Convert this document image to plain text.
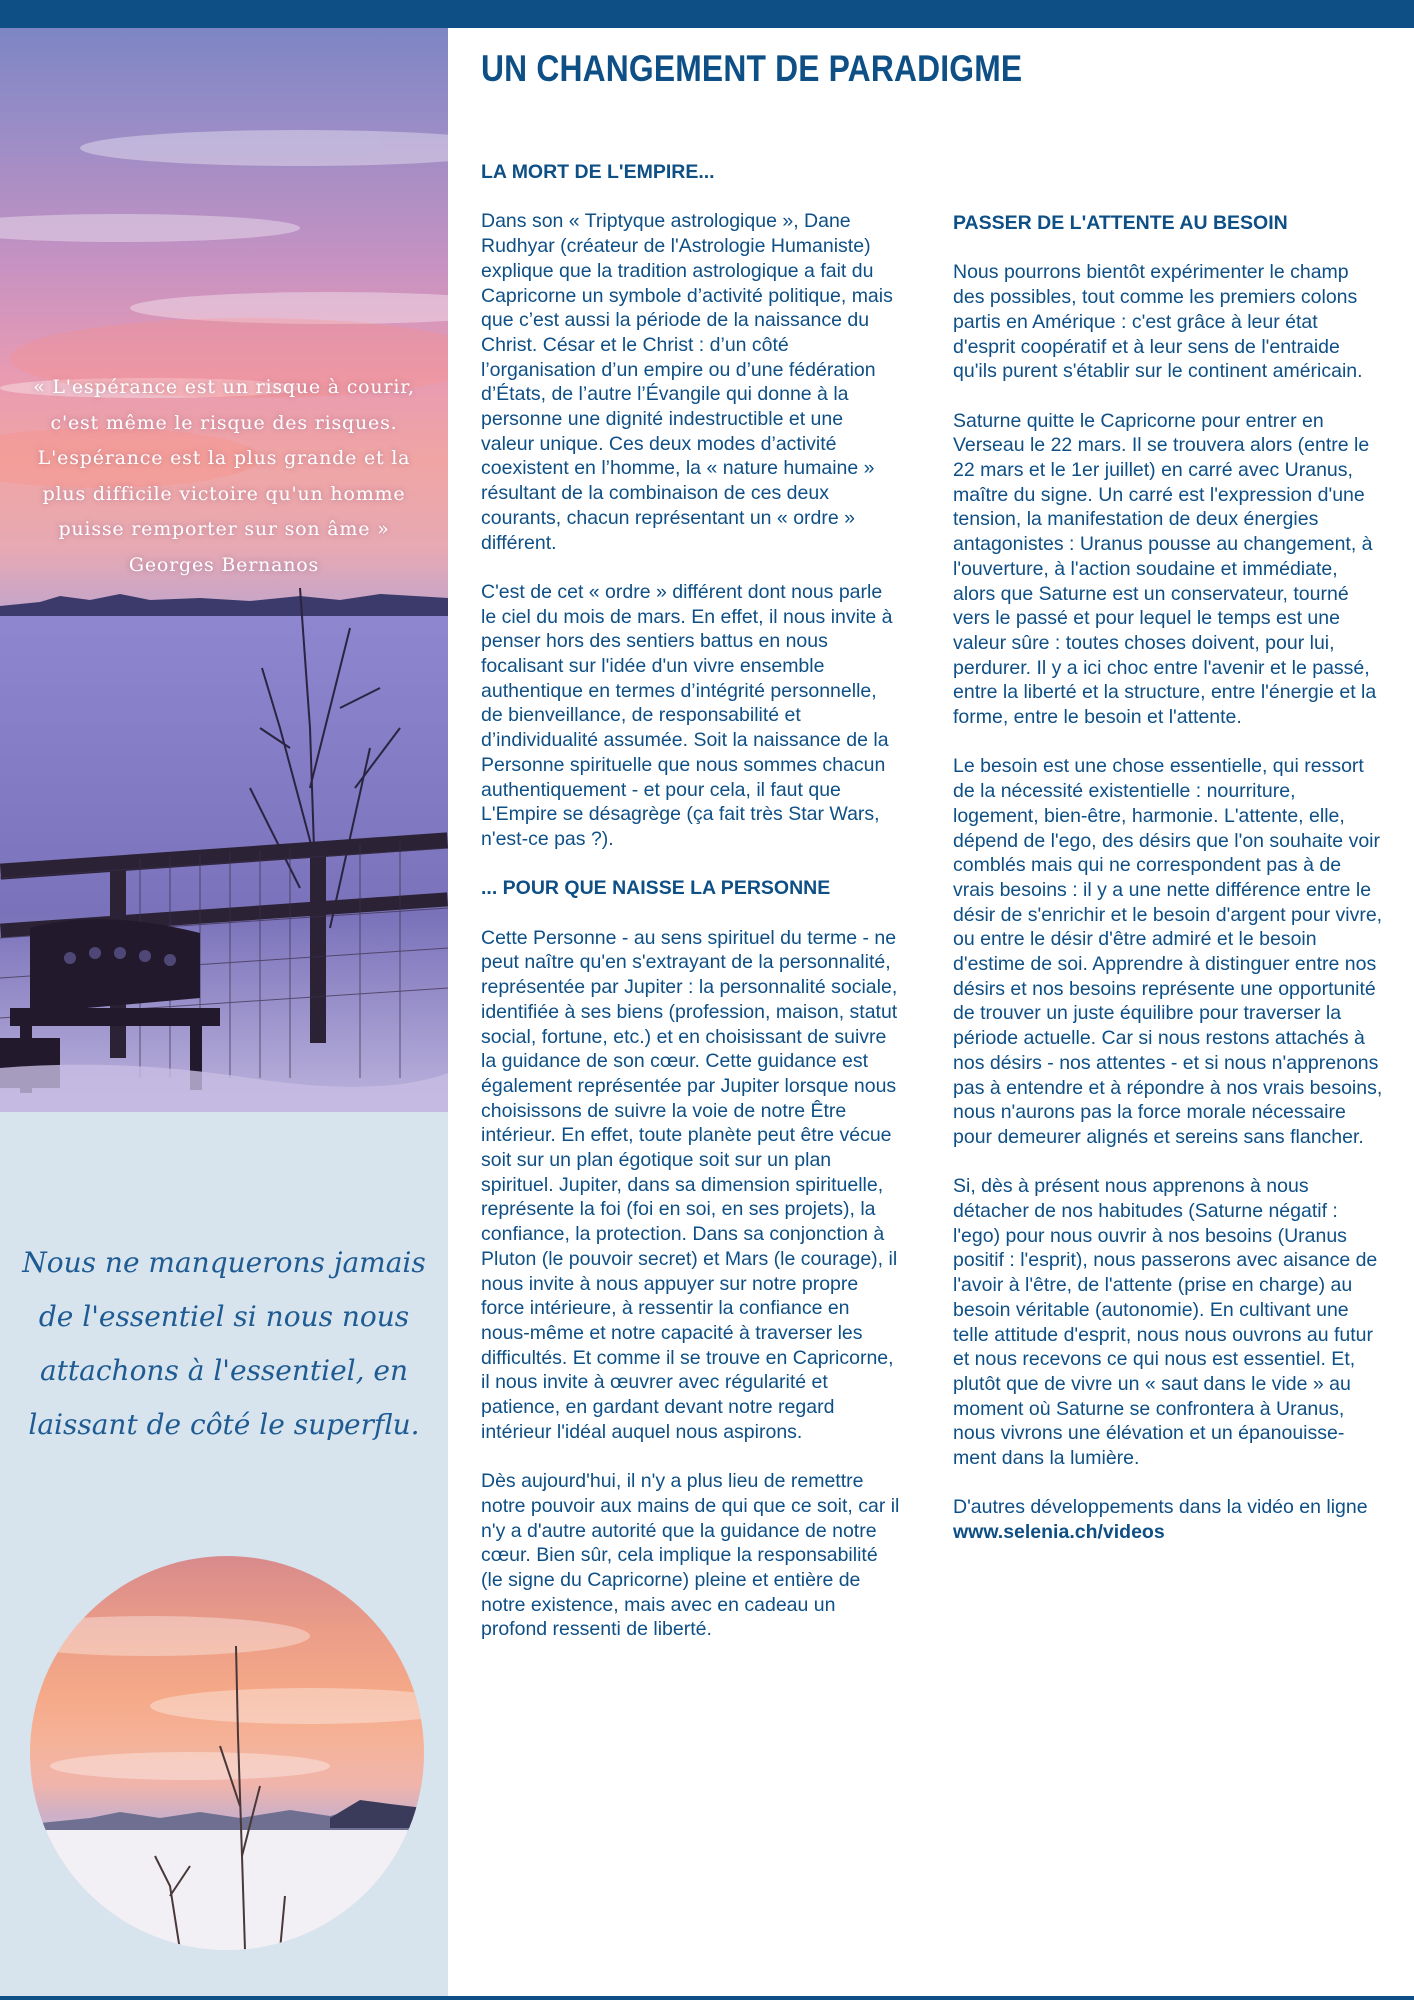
« L'espérance est un risque à courir, c'est même le risque des risques. L'espérance est la plus grande et la plus difficile victoire qu'un homme puisse remporter sur son âme »
Georges Bernanos
Nous ne manquerons jamais de l'essentiel si nous nous attachons à l'essentiel, en laissant de côté le superflu.
UN CHANGEMENT DE PARADIGME
LA MORT DE L'EMPIRE...

Dans son « Triptyque astrologique », Dane Rudhyar (créateur de l'Astrologie Humaniste) explique que la tradition astrologique a fait du Capricorne un symbole d’activité politique, mais que c’est aussi la période de la naissance du Christ. César et le Christ : d’un côté l’organisation d’un empire ou d’une fédération d’États, de l’autre l’Évangile qui donne à la personne une dignité indestructible et une valeur unique. Ces deux modes d’activité coexistent en l’homme, la « nature humaine » résultant de la combinaison de ces deux courants, chacun représentant un « ordre » différent.

C'est de cet « ordre » différent dont nous parle le ciel du mois de mars. En effet, il nous invite à penser hors des sentiers battus en nous focalisant sur l'idée d'un vivre ensemble authentique en termes d’intégrité personnelle, de bienveillance, de responsabilité et d’individualité assumée. Soit la naissance de la Personne spirituelle que nous sommes chacun authentiquement - et pour cela, il faut que L'Empire se désagrège (ça fait très Star Wars, n'est-ce pas ?).

... POUR QUE NAISSE LA PERSONNE

Cette Personne - au sens spirituel du terme - ne peut naître qu'en s'extrayant de la personnalité, représentée par Jupiter : la personnalité sociale, identifiée à ses biens (profession, maison, statut social, fortune, etc.) et en choisissant de suivre la guidance de son cœur. Cette guidance est également représentée par Jupiter lorsque nous choisissons de suivre la voie de notre Être intérieur. En effet, toute planète peut être vécue soit sur un plan égotique soit sur un plan spirituel. Jupiter, dans sa dimension spirituelle, représente la foi (foi en soi, en ses projets), la confiance, la protection. Dans sa conjonction à Pluton (le pouvoir secret) et Mars (le courage), il nous invite à nous appuyer sur notre propre force intérieure, à ressentir la confiance en nous-même et notre capacité à traverser les difficultés. Et comme il se trouve en Capricorne, il nous invite à œuvrer avec régularité et patience, en gardant devant notre regard intérieur l'idéal auquel nous aspirons.

Dès aujourd'hui, il n'y a plus lieu de remettre notre pouvoir aux mains de qui que ce soit, car il n'y a d'autre autorité que la guidance de notre cœur. Bien sûr, cela implique la responsabilité (le signe du Capricorne) pleine et entière de notre existence, mais avec en cadeau un profond ressenti de liberté.

PASSER DE L'ATTENTE AU BESOIN

Nous pourrons bientôt expérimenter le champ des possibles, tout comme les premiers colons partis en Amérique : c'est grâce à leur état d'esprit coopératif et à leur sens de l'entraide qu'ils purent s'établir sur le continent américain.

Saturne quitte le Capricorne pour entrer en Verseau le 22 mars. Il se trouvera alors (entre le 22 mars et le 1er juillet) en carré avec Uranus, maître du signe. Un carré est l'expression d'une tension, la manifestation de deux énergies antagonistes : Uranus pousse au changement, à l'ouverture, à l'action soudaine et immédiate, alors que Saturne est un conservateur, tourné vers le passé et pour lequel le temps est une valeur sûre : toutes choses doivent, pour lui, perdurer. Il y a ici choc entre l'avenir et le passé, entre la liberté et la structure, entre l'énergie et la forme, entre le besoin et l'attente.

Le besoin est une chose essentielle, qui ressort de la nécessité existentielle : nourriture, logement, bien-être, harmonie. L'attente, elle, dépend de l'ego, des désirs que l'on souhaite voir comblés mais qui ne correspondent pas à de vrais besoins : il y a une nette différence entre le désir de s'enrichir et le besoin d'argent pour vivre, ou entre le désir d'être admiré et le besoin d'estime de soi. Apprendre à distinguer entre nos désirs et nos besoins représente une opportunité de trouver un juste équilibre pour traverser la période actuelle. Car si nous restons attachés à nos désirs - nos attentes - et si nous n'apprenons pas à entendre et à répondre à nos vrais besoins, nous n'aurons pas la force morale nécessaire pour demeurer alignés et sereins sans flancher.

Si, dès à présent nous apprenons à nous détacher de nos habitudes (Saturne négatif : l'ego) pour nous ouvrir à nos besoins (Uranus positif : l'esprit), nous passerons avec aisance de l'avoir à l'être, de l'attente (prise en charge) au besoin véritable (autonomie). En cultivant une telle attitude d'esprit, nous nous ouvrons au futur et nous recevons ce qui nous est essentiel. Et, plutôt que de vivre un « saut dans le vide » au moment où Saturne se confrontera à Uranus, nous vivrons une élévation et un épanouisse-ment dans la lumière.

D'autres développements dans la vidéo en ligne www.selenia.ch/videos
